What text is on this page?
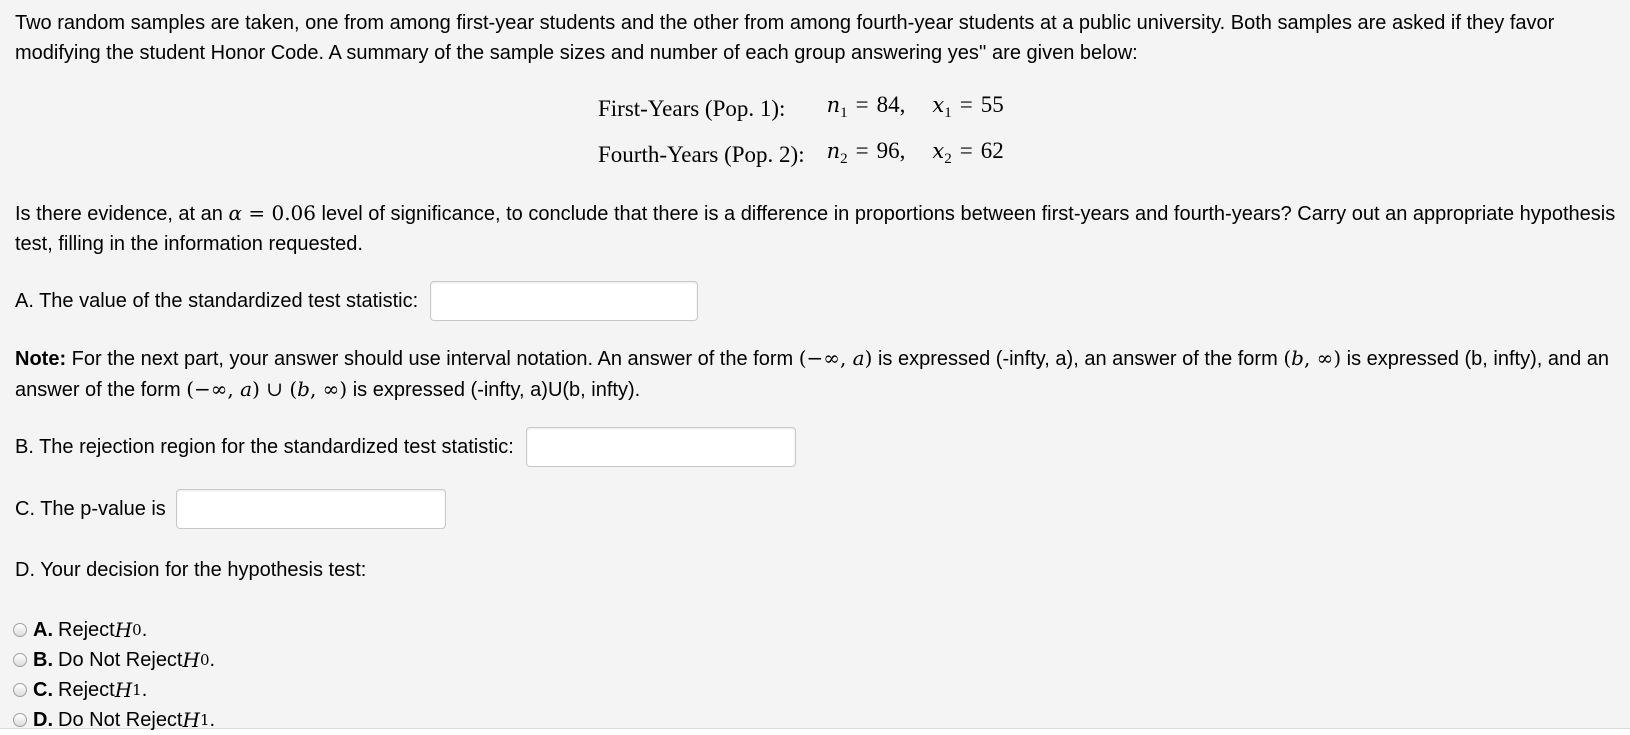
Two random samples are taken, one from among first-year students and the other from among fourth-year students at a public university. Both samples are asked if they favor modifying the student Honor Code. A summary of the sample sizes and number of each group answering yes'' are given below:

First-Years (Pop. 1):	$n_1 = 84$,	$x_1 = 55$
Fourth-Years (Pop. 2):	$n_2 = 96$,	$x_2 = 62$

Is there evidence, at an α = 0.06 level of significance, to conclude that there is a difference in proportions between first-years and fourth-years? Carry out an appropriate hypothesis test, filling in the information requested.

A. The value of the standardized test statistic:

Note: For the next part, your answer should use interval notation. An answer of the form (−∞, a) is expressed (-infty, a), an answer of the form (b, ∞) is expressed (b, infty), and an answer of the form (−∞, a) ∪ (b, ∞) is expressed (-infty, a)U(b, infty).

B. The rejection region for the standardized test statistic:
C. The p-value is

D. Your decision for the hypothesis test:

A. Reject H 0 .
B. Do Not Reject H 0 .
C. Reject H 1 .
D. Do Not Reject H 1 .
